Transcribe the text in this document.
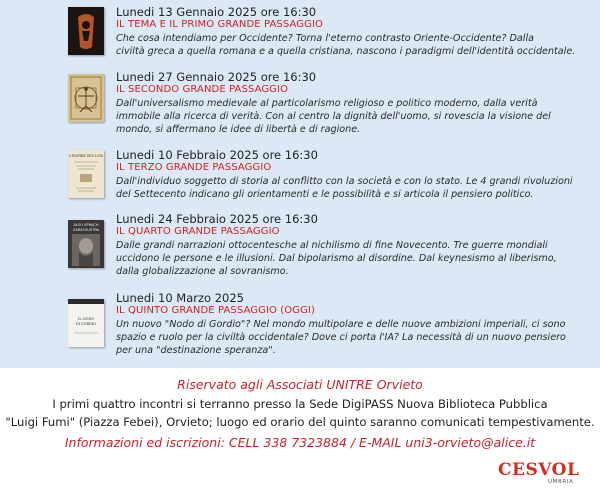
Lunedi 13 Gennaio 2025 ore 16:30
IL TEMA E IL PRIMO GRANDE PASSAGGIO
Che cosa intendiamo per Occidente? Torna l'eterno contrasto Oriente-Occidente? Dalla
civiltà greca a quella romana e a quella cristiana, nascono i paradigmi dell'identità occidentale.
Lunedi 27 Gennaio 2025 ore 16:30
IL SECONDO GRANDE PASSAGGIO
Dall'universalismo medievale al particolarismo religioso e politico moderno, dalla verità
immobile alla ricerca di verità. Con al centro la dignità dell'uomo, si rovescia la visione del
mondo, si affermano le idee di libertà e di ragione.
L'EMPIRE DES LOIS Lunedi 10 Febbraio 2025 ore 16:30
IL TERZO GRANDE PASSAGGIO
Dall'individuo soggetto di storia al conflitto con la società e con lo stato. Le 4 grandi rivoluzioni
del Settecento indicano gli orientamenti e le possibilità e si articola il pensiero politico.
ALSO SPRACH
ZARATHUSTRA
Lunedi 24 Febbraio 2025 ore 16:30
IL QUARTO GRANDE PASSAGGIO
Dalle grandi narrazioni ottocentesche al nichilismo di fine Novecento. Tre guerre mondiali
uccidono le persone e le illusioni. Dal bipolarismo al disordine. Dal keynesismo al liberismo,
dalla globalizzazione al sovranismo.
IL NODO
DI GORDIO
Lunedi 10 Marzo 2025
IL QUINTO GRANDE PASSAGGIO (OGGI)
Un nuovo "Nodo di Gordio"? Nel mondo multipolare e delle nuove ambizioni imperiali, ci sono
spazio e ruolo per la civiltà occidentale? Dove ci porta l'IA? La necessità di un nuovo pensiero
per una "destinazione speranza".
Riservato agli Associati UNITRE Orvieto
I primi quattro incontri si terranno presso la Sede DigiPASS Nuova Biblioteca Pubblica
"Luigi Fumi" (Piazza Febei), Orvieto; luogo ed orario del quinto saranno comunicati tempestivamente.
Informazioni ed iscrizioni: CELL 338 7323884 / E-MAIL uni3-orvieto@alice.it
CESVOL
UMBRIA
